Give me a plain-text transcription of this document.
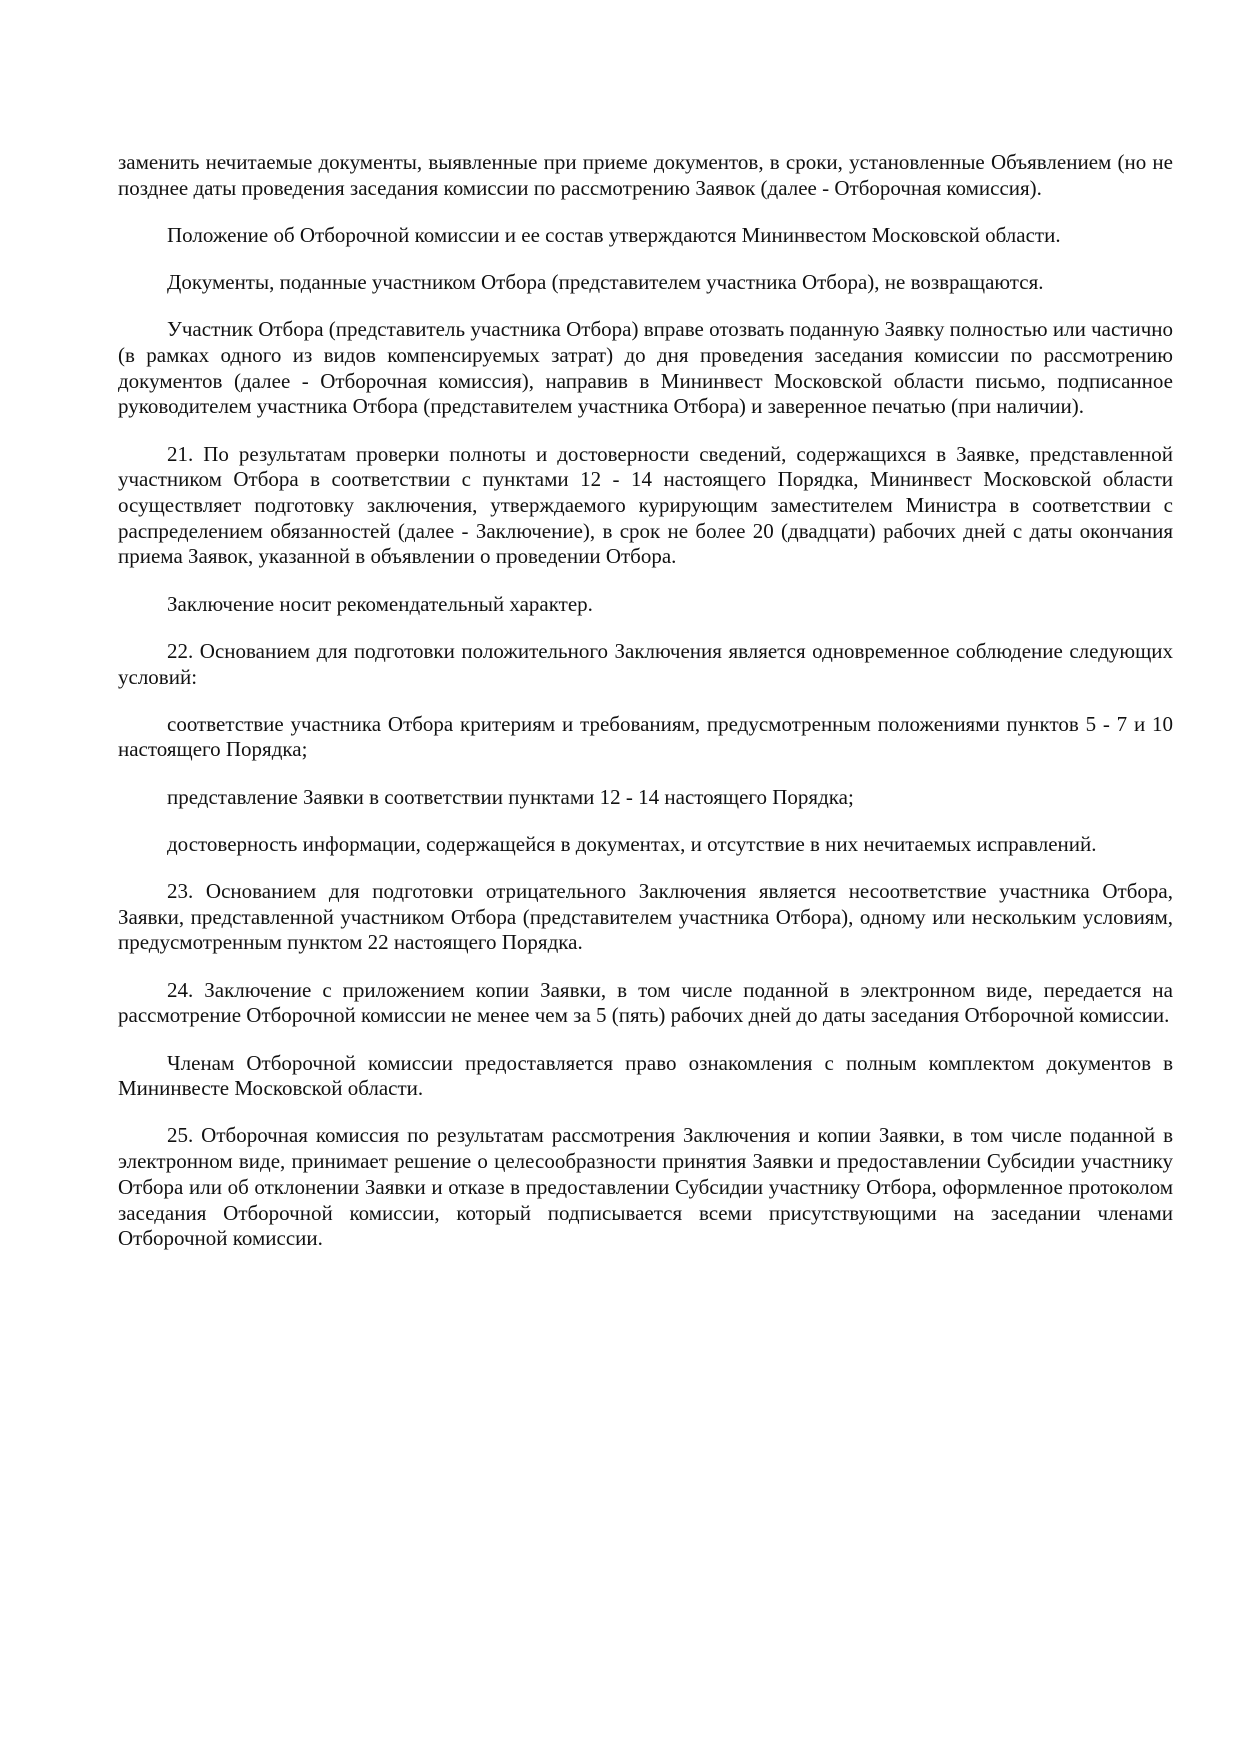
заменить нечитаемые документы, выявленные при приеме документов, в сроки, установленные Объявлением (но не позднее даты проведения заседания комиссии по рассмотрению Заявок (далее - Отборочная комиссия).

Положение об Отборочной комиссии и ее состав утверждаются Мининвестом Московской области.

Документы, поданные участником Отбора (представителем участника Отбора), не возвращаются.

Участник Отбора (представитель участника Отбора) вправе отозвать поданную Заявку полностью или частично (в рамках одного из видов компенсируемых затрат) до дня проведения заседания комиссии по рассмотрению документов (далее - Отборочная комиссия), направив в Мининвест Московской области письмо, подписанное руководителем участника Отбора (представителем участника Отбора) и заверенное печатью (при наличии).

21. По результатам проверки полноты и достоверности сведений, содержащихся в Заявке, представленной участником Отбора в соответствии с пунктами 12 - 14 настоящего Порядка, Мининвест Московской области осуществляет подготовку заключения, утверждаемого курирующим заместителем Министра в соответствии с распределением обязанностей (далее - Заключение), в срок не более 20 (двадцати) рабочих дней с даты окончания приема Заявок, указанной в объявлении о проведении Отбора.

Заключение носит рекомендательный характер.

22. Основанием для подготовки положительного Заключения является одновременное соблюдение следующих условий:

соответствие участника Отбора критериям и требованиям, предусмотренным положениями пунктов 5 - 7 и 10 настоящего Порядка;

представление Заявки в соответствии пунктами 12 - 14 настоящего Порядка;

достоверность информации, содержащейся в документах, и отсутствие в них нечитаемых исправлений.

23. Основанием для подготовки отрицательного Заключения является несоответствие участника Отбора, Заявки, представленной участником Отбора (представителем участника Отбора), одному или нескольким условиям, предусмотренным пунктом 22 настоящего Порядка.

24. Заключение с приложением копии Заявки, в том числе поданной в электронном виде, передается на рассмотрение Отборочной комиссии не менее чем за 5 (пять) рабочих дней до даты заседания Отборочной комиссии.

Членам Отборочной комиссии предоставляется право ознакомления с полным комплектом документов в Мининвесте Московской области.

25. Отборочная комиссия по результатам рассмотрения Заключения и копии Заявки, в том числе поданной в электронном виде, принимает решение о целесообразности принятия Заявки и предоставлении Субсидии участнику Отбора или об отклонении Заявки и отказе в предоставлении Субсидии участнику Отбора, оформленное протоколом заседания Отборочной комиссии, который подписывается всеми присутствующими на заседании членами Отборочной комиссии.
